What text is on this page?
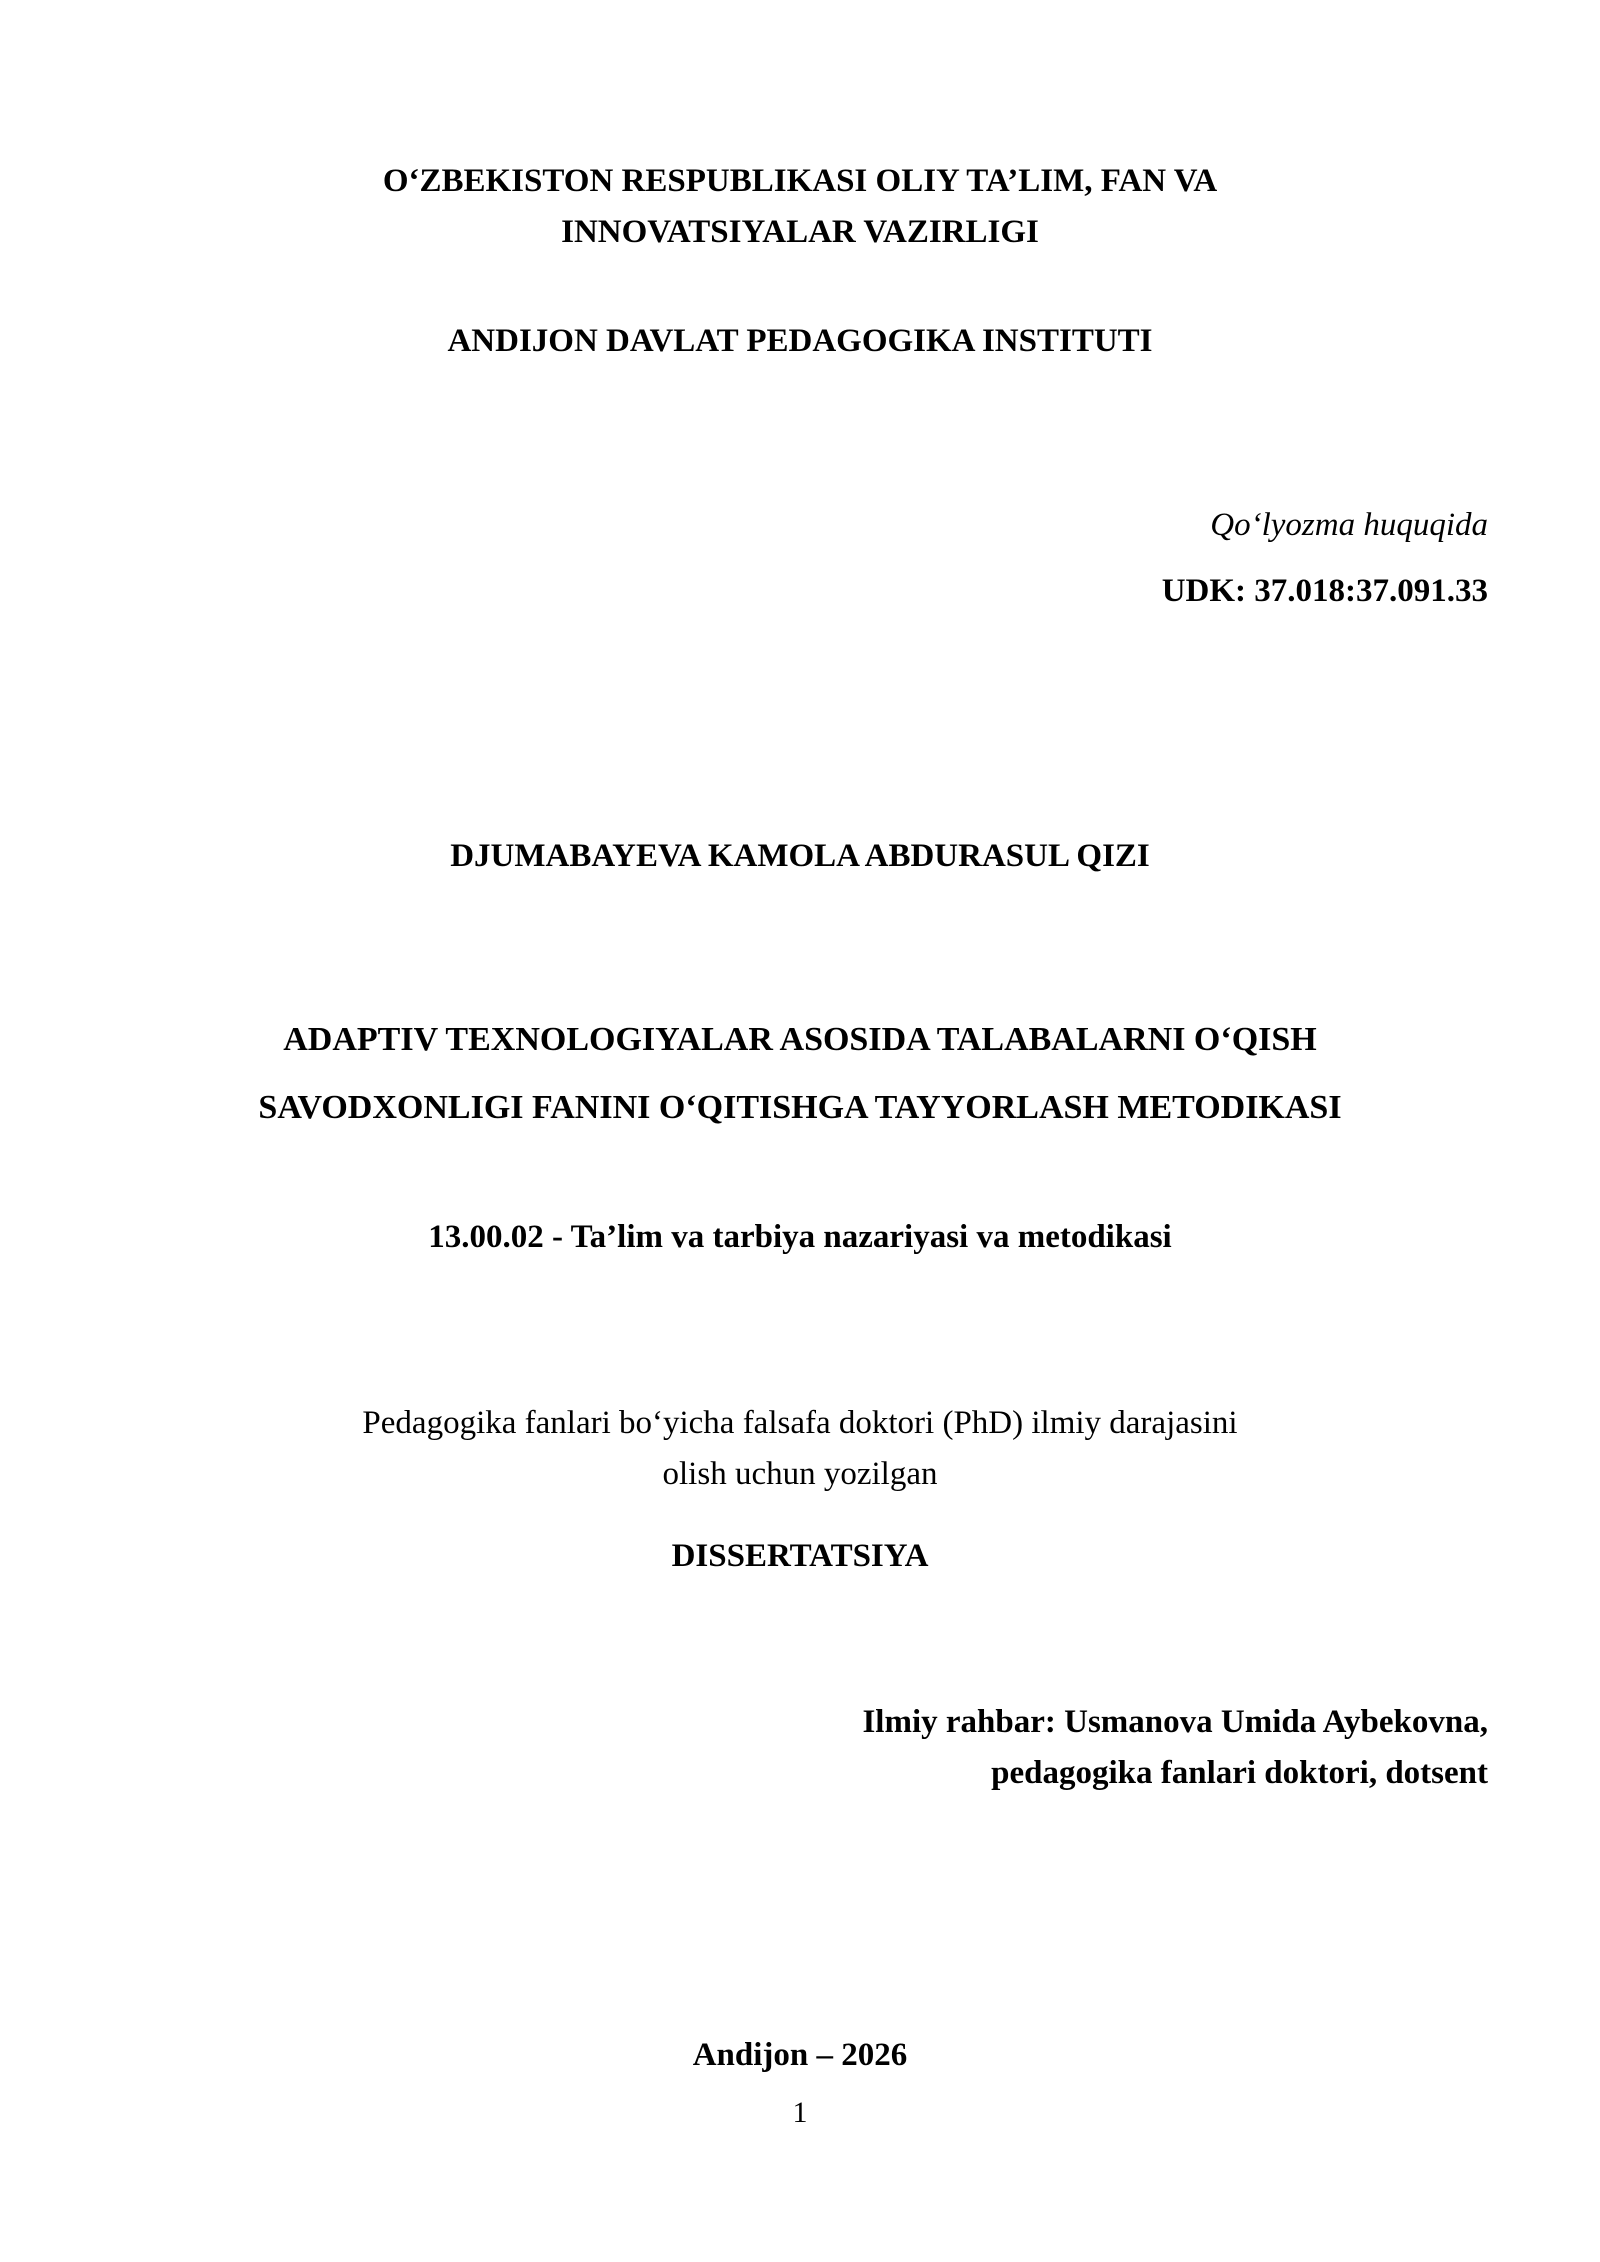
O‘ZBEKISTON RESPUBLIKASI OLIY TA’LIM, FAN VA
INNOVATSIYALAR VAZIRLIGI
ANDIJON DAVLAT PEDAGOGIKA INSTITUTI
Qo‘lyozma huquqida
UDK: 37.018:37.091.33
DJUMABAYEVA KAMOLA ABDURASUL QIZI
ADAPTIV TEXNOLOGIYALAR ASOSIDA TALABALARNI O‘QISH
SAVODXONLIGI FANINI O‘QITISHGA TAYYORLASH METODIKASI
13.00.02 - Ta’lim va tarbiya nazariyasi va metodikasi
Pedagogika fanlari bo‘yicha falsafa doktori (PhD) ilmiy darajasini
olish uchun yozilgan
DISSERTATSIYA
Ilmiy rahbar: Usmanova Umida Aybekovna,
pedagogika fanlari doktori, dotsent
Andijon – 2026
1
